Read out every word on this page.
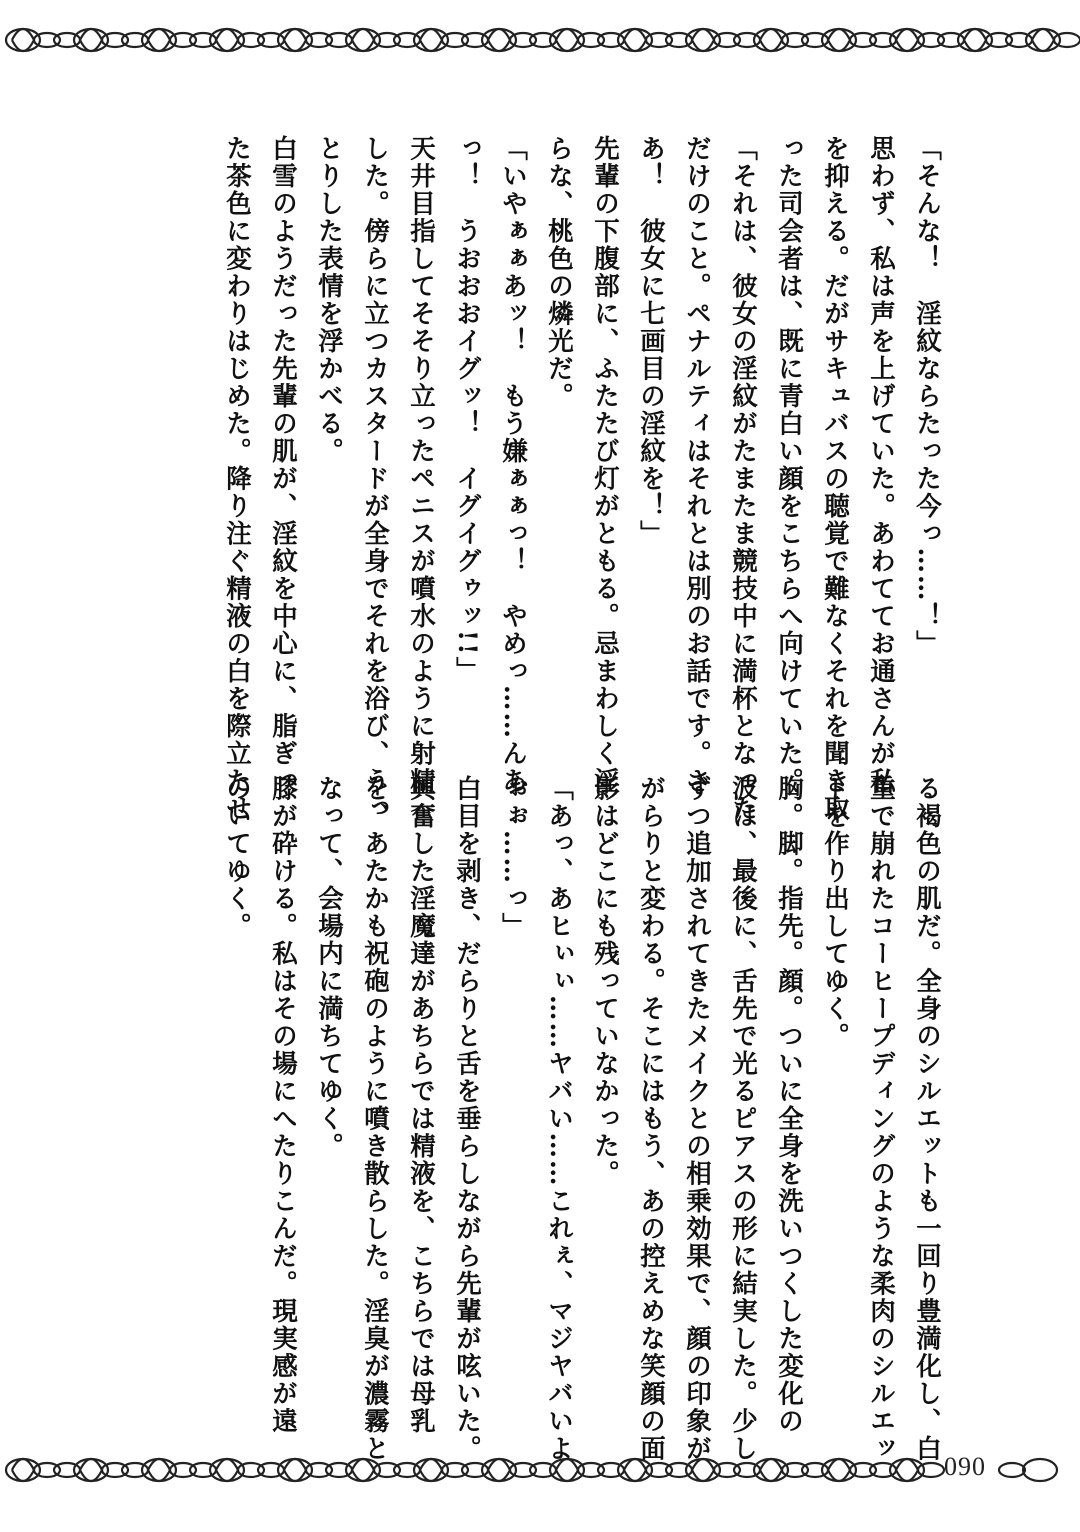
「そんな！　淫紋ならたった今っ……！」
思わず、私は声を上げていた。あわててお通さんが私
を抑える。だがサキュバスの聴覚で難なくそれを聞き取
った司会者は、既に青白い顔をこちらへ向けていた。
「それは、彼女の淫紋がたまたま競技中に満杯となった
だけのこと。ペナルティはそれとは別のお話です。さ
あ！　彼女に七画目の淫紋を！」
先輩の下腹部に、ふたたび灯がともる。忌まわしく淫
らな、桃色の燐光だ。
「いやぁぁあッ！　もう嫌ぁぁっ！　やめっ……んあ
っ！　うおおおイグッ！　イグイグゥッ!!」
天井目指してそそり立ったペニスが噴水のように射精
した。傍らに立つカスタードが全身でそれを浴び、うっ
とりした表情を浮かべる。
白雪のようだった先輩の肌が、淫紋を中心に、脂ぎっ
た茶色に変わりはじめた。降り注ぐ精液の白を際立たせ
る褐色の肌だ。全身のシルエットも一回り豊満化し、白
重で崩れたコーヒープディングのような柔肉のシルエッ
トを作り出してゆく。
胸。脚。指先。顔。ついに全身を洗いつくした変化の
波は、最後に、舌先で光るピアスの形に結実した。少し
ずつ追加されてきたメイクとの相乗効果で、顔の印象が
がらりと変わる。そこにはもう、あの控えめな笑顔の面
影はどこにも残っていなかった。
「あっ、あヒぃぃ……ヤバい……これぇ、マジヤバいよ
ぉぉ……っ」
白目を剥き、だらりと舌を垂らしながら先輩が呟いた。
興奮した淫魔達があちらでは精液を、こちらでは母乳
を、あたかも祝砲のように噴き散らした。淫臭が濃霧と
なって、会場内に満ちてゆく。
膝が砕ける。私はその場にへたりこんだ。現実感が遠
のいてゆく。
090
